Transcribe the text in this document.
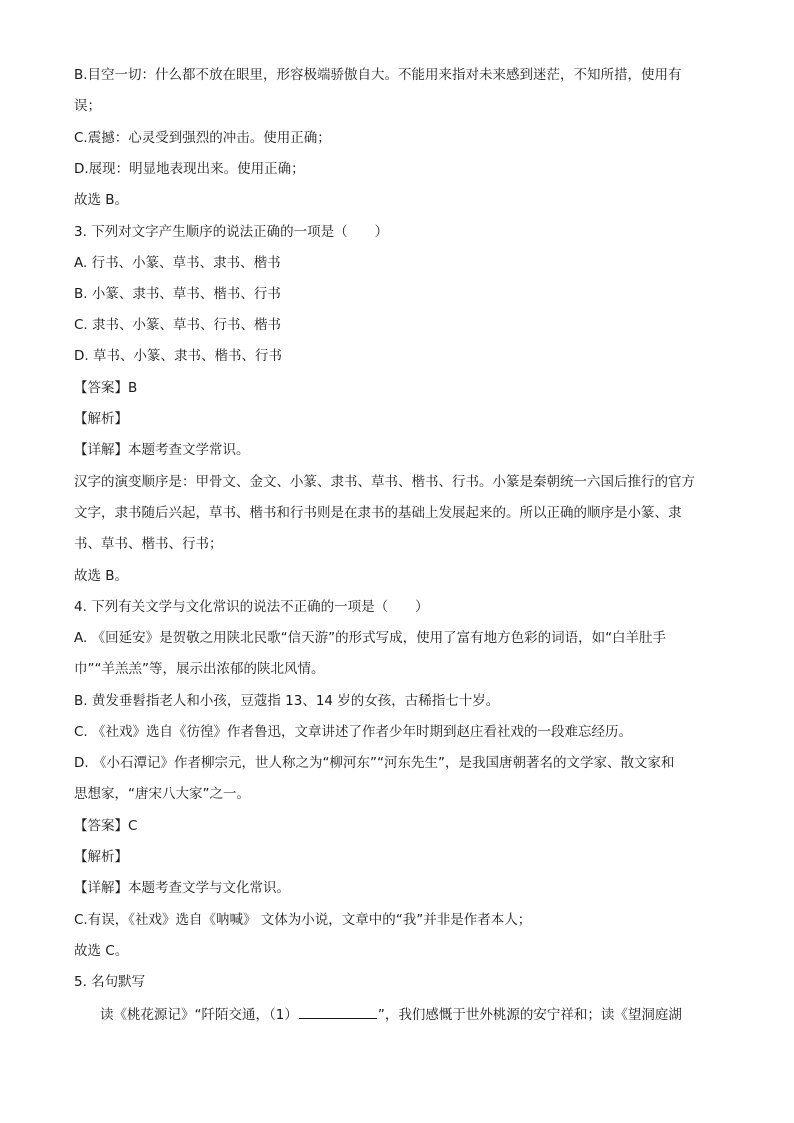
B.目空一切：什么都不放在眼里，形容极端骄傲自大。不能用来指对未来感到迷茫，不知所措，使用有
误；
C.震撼：心灵受到强烈的冲击。使用正确；
D.展现：明显地表现出来。使用正确；
故选 B。
3. 下列对文字产生顺序的说法正确的一项是（　　）
A. 行书、小篆、草书、隶书、楷书
B. 小篆、隶书、草书、楷书、行书
C. 隶书、小篆、草书、行书、楷书
D. 草书、小篆、隶书、楷书、行书
【答案】B
【解析】
【详解】本题考查文学常识。
汉字的演变顺序是：甲骨文、金文、小篆、隶书、草书、楷书、行书。小篆是秦朝统一六国后推行的官方
文字，隶书随后兴起，草书、楷书和行书则是在隶书的基础上发展起来的。所以正确的顺序是小篆、隶
书、草书、楷书、行书；
故选 B。
4. 下列有关文学与文化常识的说法不正确的一项是（　　）
A. 《回延安》是贺敬之用陕北民歌“信天游”的形式写成，使用了富有地方色彩的词语，如“白羊肚手
巾”“羊羔羔”等，展示出浓郁的陕北风情。
B. 黄发垂髫指老人和小孩，豆蔻指 13、14 岁的女孩，古稀指七十岁。
C. 《社戏》选自《彷徨》作者鲁迅，文章讲述了作者少年时期到赵庄看社戏的一段难忘经历。
D. 《小石潭记》作者柳宗元，世人称之为“柳河东”“河东先生”，是我国唐朝著名的文学家、散文家和
思想家，“唐宋八大家”之一。
【答案】C
【解析】
【详解】本题考查文学与文化常识。
C.有误，《社戏》选自《呐喊》 文体为小说，文章中的“我”并非是作者本人；
故选 C。
5. 名句默写
读《桃花源记》“阡陌交通，（1）	”，我们感慨于世外桃源的安宁祥和；读《望洞庭湖
